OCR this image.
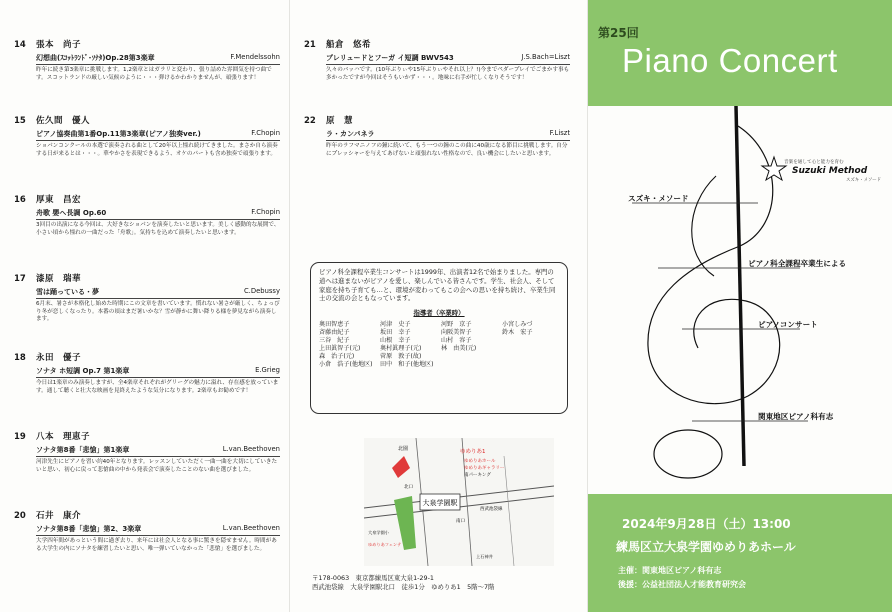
14	張本　尚子
幻想曲(ｽｺｯﾄﾗﾝﾄﾞ･ｿﾅﾀ)Op.28第3楽章	F.Mendelssohn
昨年に続き第3楽章に挑戦します。1,2楽章とはガラリと変わり、張り詰めた雰囲気を持つ曲です。スコットランドの厳しい気候のように・・・弾けるかわかりませんが、頑張ります！
15	佐久間　優人
ピアノ協奏曲第1番Op.11第3楽章(ピアノ独奏ver.)	F.Chopin
ショパンコンクールの本選で演奏される曲として20年以上憧れ続けてきました。まさか自ら演奏する日が来るとは・・・。華やかさを表現できるよう、オケのパートも含め独奏で頑張ります。
16	厚東　昌宏
舟歌 嬰ヘ長調 Op.60	F.Chopin
3回目の出演になる今回は、大好きなショパンを演奏したいと思います。美しく感動的な展開で、小さい頃から憧れの一曲だった「舟歌」。気持ちを込めて演奏したいと思います。
17	漆原　瑞華
雪は踊っている・夢	C.Debussy
6月末、暑さが本格化し始めた時期にこの文章を書いています。慣れない暑さが厳しく、ちょっぴり冬が恋しくなったり。本番の頃はまだ暑いかな？雪が静かに舞い降りる様を夢見ながら演奏します。
18	永田　優子
ソナタ ホ短調 Op.7 第1楽章	E.Grieg
今日は1楽章のみ演奏しますが、全4楽章それぞれがグリーグの魅力に溢れ、存在感を放っています。通して聴くと壮大な映画を見終えたような気分になります。2楽章もお勧めです！
19	八本　理恵子
ソナタ第8番「悲愴」第1楽章	L.van.Beethoven
河津先生にピアノを習い約40年となります。レッスンしていただく一曲一曲を大切にしていきたいと思い、初心に戻って悲愴曲の中から発表会で演奏したことのない曲を選びました。
20	石井　康介
ソナタ第8番「悲愴」第2、3楽章	L.van.Beethoven
大学四年間があっという間に過ぎ去り、来年には社会人となる事に驚きを隠せません。時間がある大学生の内にソナタを練習したいと思い、唯一弾いていなかった「悲愴」を選びました。
21	船倉　悠希
プレリュードとフーガ イ短調 BWV543	J.S.Bach=Liszt
久々のバッハです。(10年ぶりぃや15年ぶりぃやそれ以上？!)今までペダープレイでごまかす事も多かったですが今回はそうもいかず・・・。地味に右手が忙しくなりそうです！
22	原　慧
ラ・カンパネラ	F.Liszt
昨年のラフマニノフの鐘に続いて、もう一つの鐘のこの曲に40歳になる節目に挑戦します。自分にプレッシャーを与えてあげないと頑張れない性格なので、良い機会にしたいと思います。
ピアノ科全課程卒業生コンサートは1999年、出演者12名で始まりました。専門の道へは進まないがピアノを愛し、楽しんでいる皆さんです。学生、社会人、そして家庭を持ち子育ても…と、環境が変わってもこの会への思いを持ち続け、卒業生同士の交流の会ともなっています。
指導者（卒業時）
奥田智恵子	河津　史子	河野　京子	小宮しみづ
斉藤由紀子	坂田　幸子	向阪美智子	鈴木　宏子
三谷　紀子	山根　幸子	山村　容子
上田眞智子(元)	奥村眞理子(元)	林　由美(元)
森　治子(元)	菅原　敦子(故)
小倉　浩子(他地区)	田中　和子(他地区)
大泉学園駅
北園	ゆめりあ1
ゆめりあホール
ゆめりあギャラリー
南パーキング
北口
南口
西武池袋線
大泉学園小
ゆめりあフェンテ
上石神井
〒178-0063　東京都練馬区東大泉1-29-1
西武池袋線　大泉学園駅北口　徒歩1分　ゆめりあ1　5階〜7階
第25回
Piano Concert
音楽を通して心と能力を育む
Suzuki Method
スズキ・メソード
スズキ・メソード
ピアノ科全課程卒業生による
ピアノコンサート
関東地区ピアノ科有志
2024年9月28日（土）13:00
練馬区立大泉学園ゆめりあホール
主催：関東地区ピアノ科有志
後援：公益社団法人才能教育研究会
